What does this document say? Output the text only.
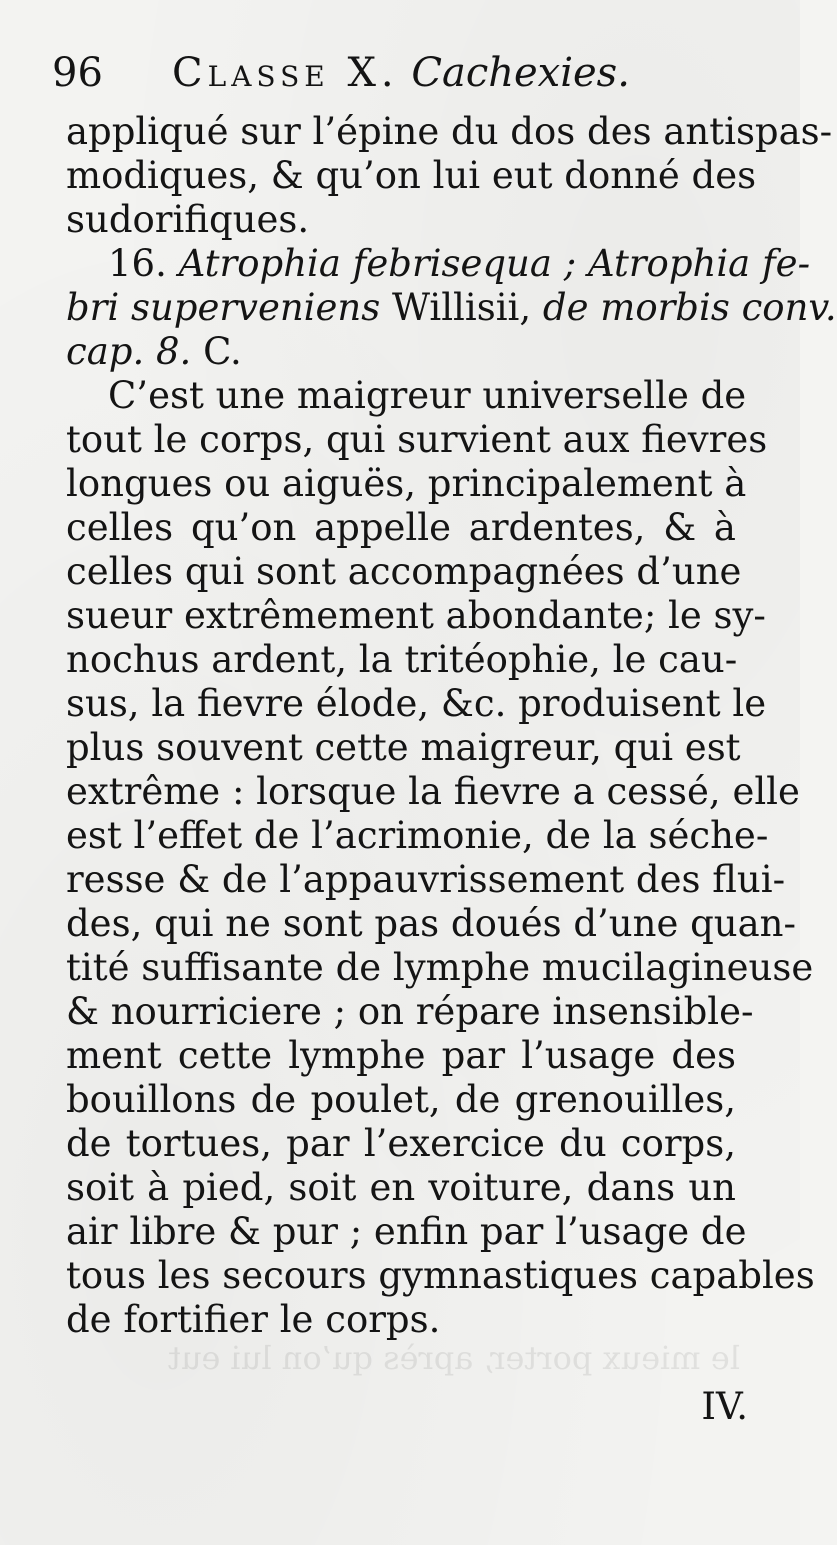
le mieux porter, après qu’on lui eut
96 Classe X. Cachexies.
appliqué sur l’épine du dos des antispas-
modiques, & qu’on lui eut donné des
sudorifiques.
16. Atrophia febrisequa ; Atrophia fe-
bri superveniens Willisii, de morbis conv.
cap. 8. C.
C’est une maigreur universelle de
tout le corps, qui survient aux fievres
longues ou aiguës, principalement à
celles qu’on appelle ardentes, & à
celles qui sont accompagnées d’une
sueur extrêmement abondante; le sy-
nochus ardent, la tritéophie, le cau-
sus, la fievre élode, &c. produisent le
plus souvent cette maigreur, qui est
extrême : lorsque la fievre a cessé, elle
est l’effet de l’acrimonie, de la séche-
resse & de l’appauvrissement des flui-
des, qui ne sont pas doués d’une quan-
tité suffisante de lymphe mucilagineuse
& nourriciere ; on répare insensible-
ment cette lymphe par l’usage des
bouillons de poulet, de grenouilles,
de tortues, par l’exercice du corps,
soit à pied, soit en voiture, dans un
air libre & pur ; enfin par l’usage de
tous les secours gymnastiques capables
de fortifier le corps.
IV.
